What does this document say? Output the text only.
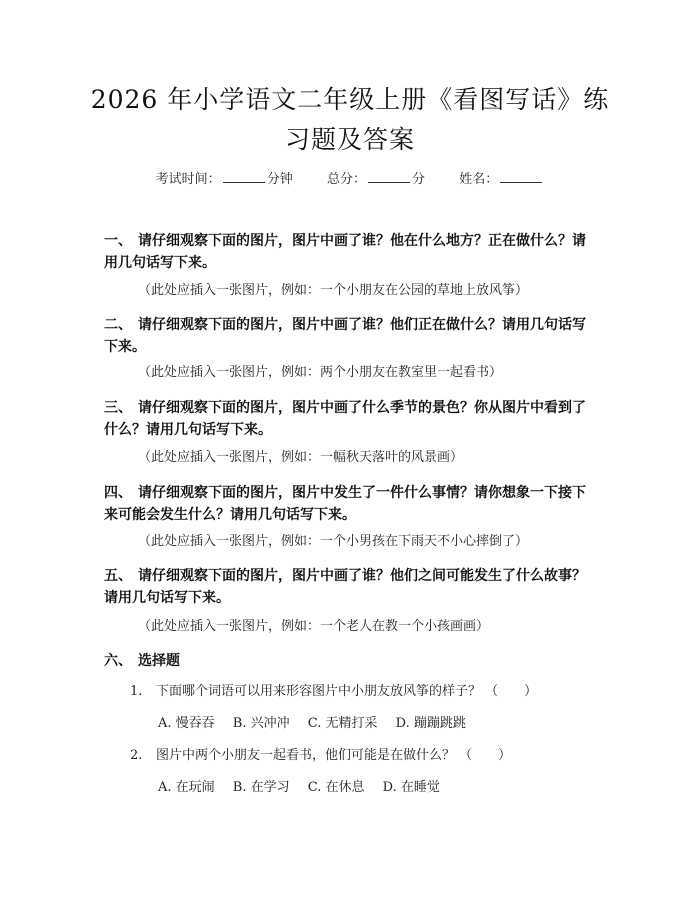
2026 年小学语文二年级上册《看图写话》练
习题及答案
考试时间：	分钟	总分：	分	姓名：
一、 请仔细观察下面的图片，图片中画了谁？他在什么地方？正在做什么？请用几句话写下来。
（此处应插入一张图片，例如：一个小朋友在公园的草地上放风筝）
二、 请仔细观察下面的图片，图片中画了谁？他们正在做什么？请用几句话写下来。
（此处应插入一张图片，例如：两个小朋友在教室里一起看书）
三、 请仔细观察下面的图片，图片中画了什么季节的景色？你从图片中看到了什么？请用几句话写下来。
（此处应插入一张图片，例如：一幅秋天落叶的风景画）
四、 请仔细观察下面的图片，图片中发生了一件什么事情？请你想象一下接下来可能会发生什么？请用几句话写下来。
（此处应插入一张图片，例如：一个小男孩在下雨天不小心摔倒了）
五、 请仔细观察下面的图片，图片中画了谁？他们之间可能发生了什么故事？请用几句话写下来。
（此处应插入一张图片，例如：一个老人在教一个小孩画画）
六、 选择题
1. 下面哪个词语可以用来形容图片中小朋友放风筝的样子？ （　　）
A. 慢吞吞 B. 兴冲冲 C. 无精打采 D. 蹦蹦跳跳
2. 图片中两个小朋友一起看书，他们可能是在做什么？ （　　）
A. 在玩闹 B. 在学习 C. 在休息 D. 在睡觉
